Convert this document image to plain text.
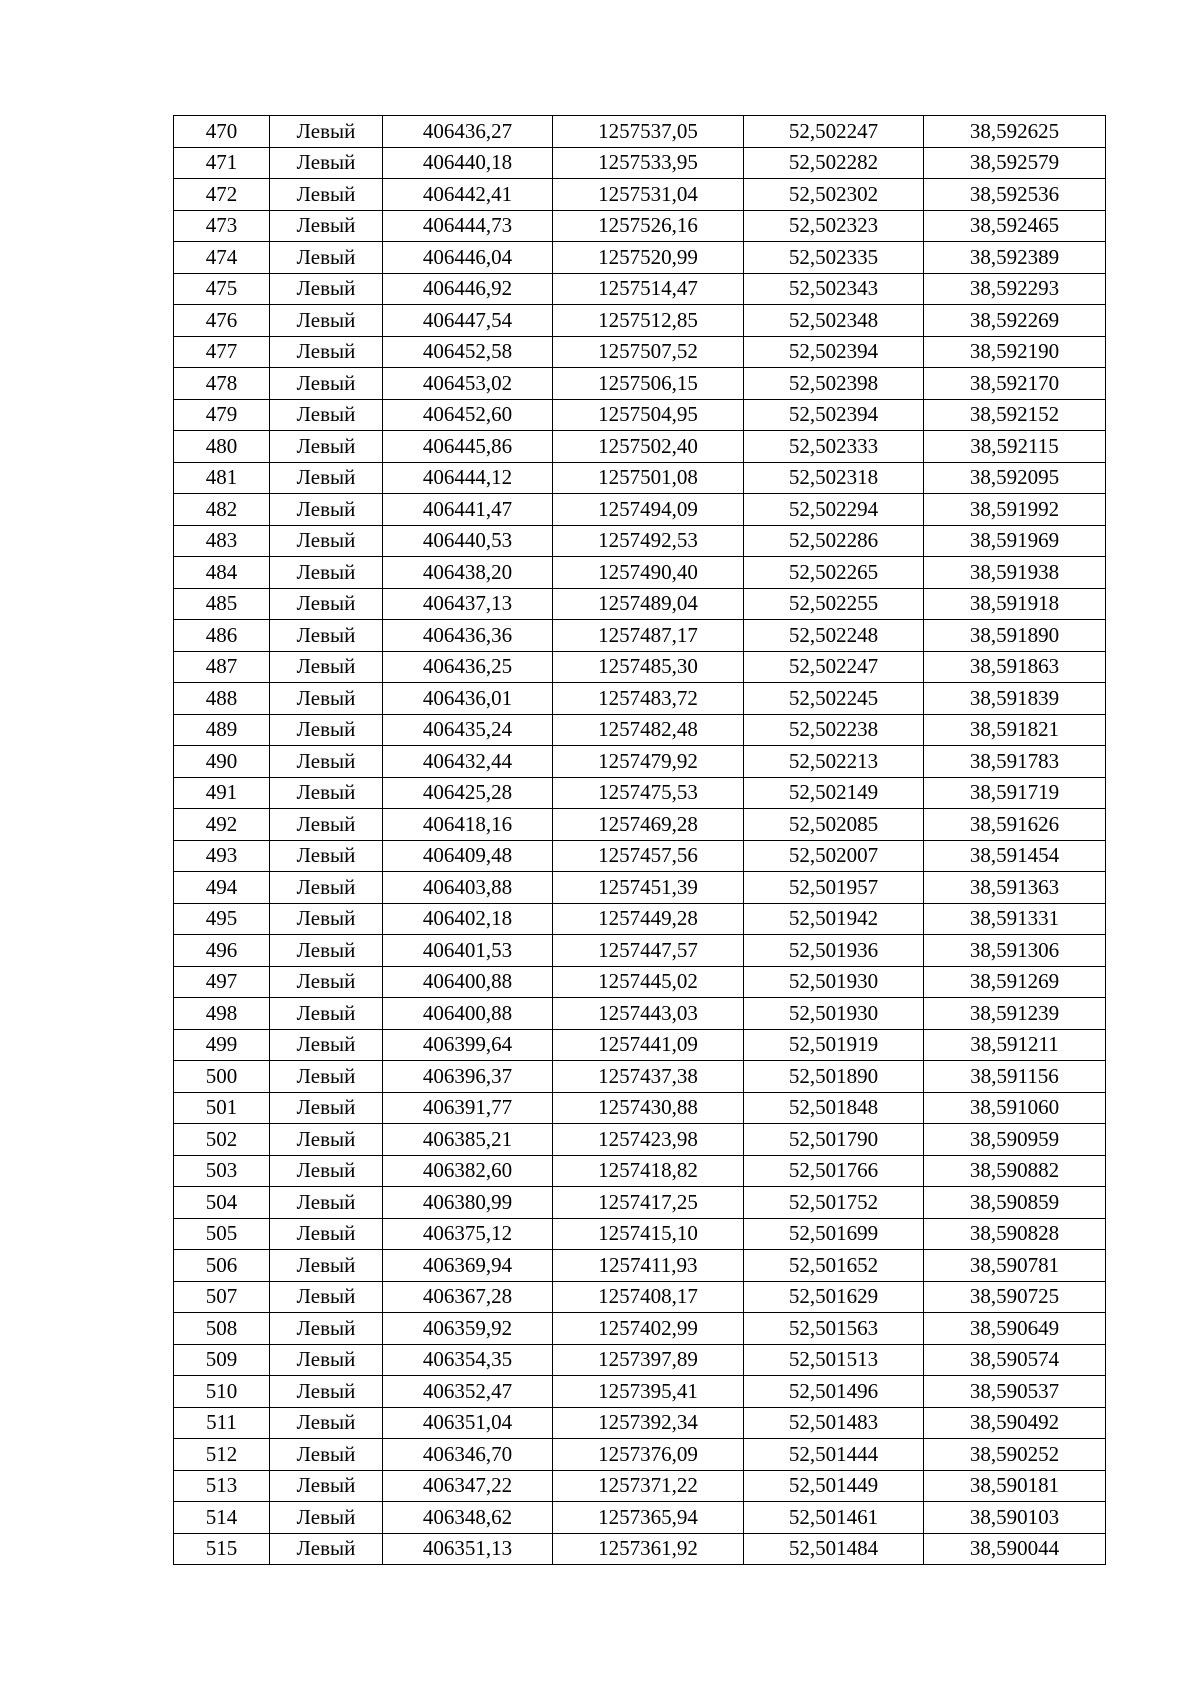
470	Левый	406436,27	1257537,05	52,502247	38,592625
471	Левый	406440,18	1257533,95	52,502282	38,592579
472	Левый	406442,41	1257531,04	52,502302	38,592536
473	Левый	406444,73	1257526,16	52,502323	38,592465
474	Левый	406446,04	1257520,99	52,502335	38,592389
475	Левый	406446,92	1257514,47	52,502343	38,592293
476	Левый	406447,54	1257512,85	52,502348	38,592269
477	Левый	406452,58	1257507,52	52,502394	38,592190
478	Левый	406453,02	1257506,15	52,502398	38,592170
479	Левый	406452,60	1257504,95	52,502394	38,592152
480	Левый	406445,86	1257502,40	52,502333	38,592115
481	Левый	406444,12	1257501,08	52,502318	38,592095
482	Левый	406441,47	1257494,09	52,502294	38,591992
483	Левый	406440,53	1257492,53	52,502286	38,591969
484	Левый	406438,20	1257490,40	52,502265	38,591938
485	Левый	406437,13	1257489,04	52,502255	38,591918
486	Левый	406436,36	1257487,17	52,502248	38,591890
487	Левый	406436,25	1257485,30	52,502247	38,591863
488	Левый	406436,01	1257483,72	52,502245	38,591839
489	Левый	406435,24	1257482,48	52,502238	38,591821
490	Левый	406432,44	1257479,92	52,502213	38,591783
491	Левый	406425,28	1257475,53	52,502149	38,591719
492	Левый	406418,16	1257469,28	52,502085	38,591626
493	Левый	406409,48	1257457,56	52,502007	38,591454
494	Левый	406403,88	1257451,39	52,501957	38,591363
495	Левый	406402,18	1257449,28	52,501942	38,591331
496	Левый	406401,53	1257447,57	52,501936	38,591306
497	Левый	406400,88	1257445,02	52,501930	38,591269
498	Левый	406400,88	1257443,03	52,501930	38,591239
499	Левый	406399,64	1257441,09	52,501919	38,591211
500	Левый	406396,37	1257437,38	52,501890	38,591156
501	Левый	406391,77	1257430,88	52,501848	38,591060
502	Левый	406385,21	1257423,98	52,501790	38,590959
503	Левый	406382,60	1257418,82	52,501766	38,590882
504	Левый	406380,99	1257417,25	52,501752	38,590859
505	Левый	406375,12	1257415,10	52,501699	38,590828
506	Левый	406369,94	1257411,93	52,501652	38,590781
507	Левый	406367,28	1257408,17	52,501629	38,590725
508	Левый	406359,92	1257402,99	52,501563	38,590649
509	Левый	406354,35	1257397,89	52,501513	38,590574
510	Левый	406352,47	1257395,41	52,501496	38,590537
511	Левый	406351,04	1257392,34	52,501483	38,590492
512	Левый	406346,70	1257376,09	52,501444	38,590252
513	Левый	406347,22	1257371,22	52,501449	38,590181
514	Левый	406348,62	1257365,94	52,501461	38,590103
515	Левый	406351,13	1257361,92	52,501484	38,590044
